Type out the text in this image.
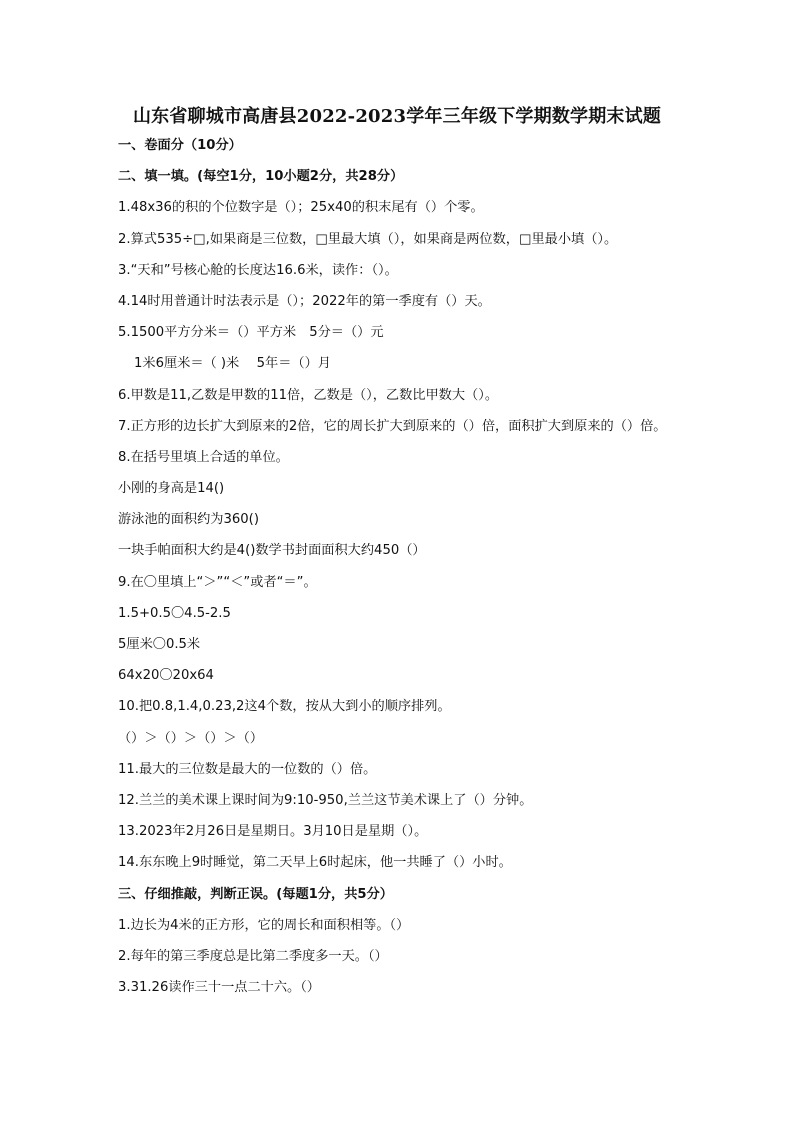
山东省聊城市高唐县2022-2023学年三年级下学期数学期末试题
一、卷面分（10分）
二、填一填。(每空1分，10小题2分，共28分）
1.48x36的积的个位数字是（）；25x40的积末尾有（）个零。
2.算式535÷□,如果商是三位数，□里最大填（），如果商是两位数，□里最小填（）。
3.“天和”号核心舱的长度达16.6米，读作：（）。
4.14时用普通计时法表示是（）；2022年的第一季度有（）天。
5.1500平方分米＝（）平方米　5分＝（）元
1米6厘米＝（ )米　 5年＝（）月
6.甲数是11,乙数是甲数的11倍，乙数是（），乙数比甲数大（）。
7.正方形的边长扩大到原来的2倍，它的周长扩大到原来的（）倍，面积扩大到原来的（）倍。
8.在括号里填上合适的单位。
小刚的身高是14()
游泳池的面积约为360()
一块手帕面积大约是4()数学书封面面积大约450（）
9.在〇里填上“＞”“＜”或者“＝”。
1.5+0.5〇4.5-2.5
5厘米〇0.5米
64x20〇20x64
10.把0.8,1.4,0.23,2这4个数，按从大到小的顺序排列。
（）＞（）＞（）＞（）
11.最大的三位数是最大的一位数的（）倍。
12.兰兰的美术课上课时间为9:10-950,兰兰这节美术课上了（）分钟。
13.2023年2月26日是星期日。3月10日是星期（）。
14.东东晚上9时睡觉，第二天早上6时起床，他一共睡了（）小时。
三、仔细推敲，判断正误。(每题1分，共5分）
1.边长为4米的正方形，它的周长和面积相等。（）
2.每年的第三季度总是比第二季度多一天。（）
3.31.26读作三十一点二十六。（）
